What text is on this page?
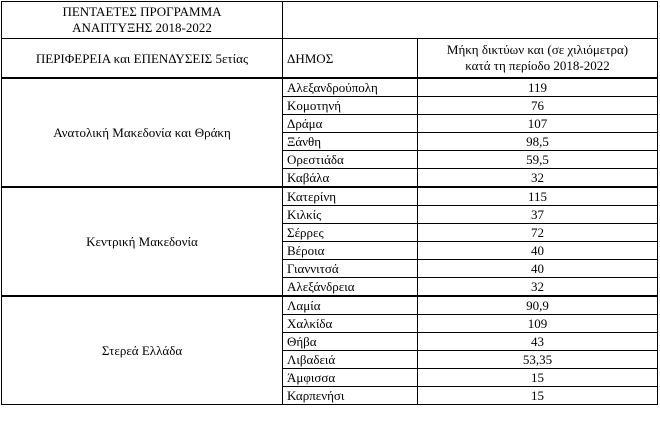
ΠΕΝΤΑΕΤΕΣ ΠΡΟΓΡΑΜΜΑ
ΑΝΑΠΤΥΞΗΣ 2018-2022		

ΠΕΡΙΦΕΡΕΙΑ και ΕΠΕΝΔΥΣΕΙΣ 5ετίας	ΔΗΜΟΣ	Μήκη δικτύων και (σε χιλιόμετρα)
κατά τη περίοδο 2018-2022

Ανατολική Μακεδονία και Θράκη	Αλεξανδρούπολη	119
	Κομοτηνή	76
	Δράμα	107
	Ξάνθη	98,5
	Ορεστιάδα	59,5
	Καβάλα	32
Κεντρική Μακεδονία	Κατερίνη	115
	Κιλκίς	37
	Σέρρες	72
	Βέροια	40
	Γιαννιτσά	40
	Αλεξάνδρεια	32
Στερεά Ελλάδα	Λαμία	90,9
	Χαλκίδα	109
	Θήβα	43
	Λιβαδειά	53,35
	Άμφισσα	15
	Καρπενήσι	15
